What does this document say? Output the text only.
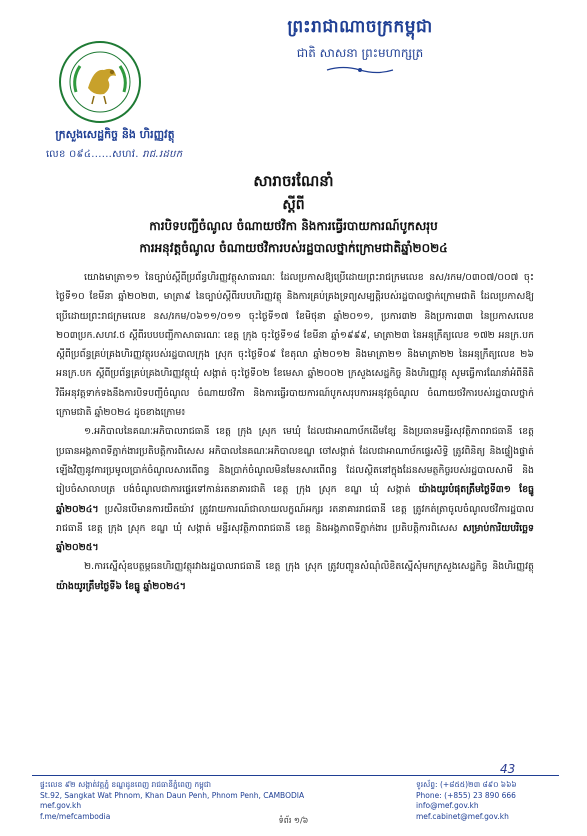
ព្រះរាជាណាចក្រកម្ពុជា
ជាតិ សាសនា ព្រះមហាក្សត្រ
ក្រសួងសេដ្ឋកិច្ច និង ហិរញ្ញវត្ថុ
លេខ ០៩៤......សហវ. រាជ.រដបក
សារាចរណែនាំ
ស្តីពី
ការបិទបញ្ជីចំណូល ចំណាយថវិកា និងការធ្វើរបាយការណ៍បូកសរុប
ការអនុវត្តចំណូល ចំណាយថវិការបស់រដ្ឋបាលថ្នាក់ក្រោមជាតិឆ្នាំ២០២៤

យោងមាត្រា១១ នៃច្បាប់ស្តីពីប្រព័ន្ធហិរញ្ញវត្ថុសាធារណៈ ដែលប្រកាសឱ្យប្រើដោយព្រះរាជក្រមលេខ នស/រកម/០៣០៧/០០៧ ចុះថ្ងៃទី១០ ខែមីនា ឆ្នាំ២០២៣, មាត្រា៩ នៃច្បាប់ស្តីពីរបបហិរញ្ញវត្ថុ និងការគ្រប់គ្រងទ្រព្យសម្បត្តិរបស់រដ្ឋបាលថ្នាក់ក្រោមជាតិ ដែលប្រកាសឱ្យប្រើដោយព្រះរាជក្រមលេខ នស/រកម/០៦១១/០១១ ចុះថ្ងៃទី១៧ ខែមិថុនា ឆ្នាំ២០១១, ប្រការ៣២ និងប្រការ៣៣ នៃប្រកាសលេខ ២០៣ប្រក.សហវ.ថ ស្តីពីរបបបញ្ជីកាសាធារណៈ ខេត្ត ក្រុង ចុះថ្ងៃទី១៨ ខែមីនា ឆ្នាំ១៩៩៩, មាត្រា២៣ នៃអនុក្រឹត្យលេខ ១៧២ អនក្រ.បក ស្តីពីប្រព័ន្ធគ្រប់គ្រងហិរញ្ញវត្ថុរបស់រដ្ឋបាលក្រុង ស្រុក ចុះថ្ងៃទី០៩ ខែតុលា ឆ្នាំ២០១២ និងមាត្រា២១ និងមាត្រា២២ នៃអនុក្រឹត្យលេខ ២៦ អនក្រ.បក ស្តីពីប្រព័ន្ធគ្រប់គ្រងហិរញ្ញវត្ថុឃុំ សង្កាត់ ចុះថ្ងៃទី០២ ខែមេសា ឆ្នាំ២០០២ ក្រសួងសេដ្ឋកិច្ច និងហិរញ្ញវត្ថុ សូមធ្វើការណែនាំអំពីនីតិវិធីអនុវត្តទាក់ទងនឹងការបិទបញ្ជីចំណូល ចំណាយថវិកា និងការធ្វើរបាយការណ៍បូកសរុបការអនុវត្តចំណូល ចំណាយថវិការបស់រដ្ឋបាលថ្នាក់ក្រោមជាតិ ឆ្នាំ២០២៤ ដូចខាងក្រោម៖

១.អភិបាលនៃគណៈអភិបាលរាជធានី ខេត្ត ក្រុង ស្រុក មេឃុំ ដែលជាអាណាប័កដើមខ្សែ និងប្រធានមន្ទីរសុវត្ថិភាពរាជធានី ខេត្ត ប្រធានអង្គភាពទីភ្នាក់ងារប្រតិបត្តិការពិសេស អភិបាលនៃគណៈអភិបាលខណ្ឌ ចៅសង្កាត់ ដែលជាអាណាប័កផ្ទេរសិទ្ធិ ត្រូវពិនិត្យ និងផ្ទៀងផ្ទាត់ឡើងវិញនូវការប្រមូលប្រាក់ចំណូលសារពើពន្ធ និងប្រាក់ចំណូលមិនមែនសារពើពន្ធ ដែលស្ថិតនៅក្នុងដែនសមត្ថកិច្ចរបស់រដ្ឋបាលសាមី និងរៀបចំសាលាបត្រ បង់ចំណូលជាការផ្ទេរទៅកាន់រតនាគារជាតិ ខេត្ត ក្រុង ស្រុក ខណ្ឌ ឃុំ សង្កាត់ យ៉ាងយូរបំផុតត្រឹមថ្ងៃទី៣១ ខែធ្នូ ឆ្នាំ២០២៤។ ប្រសិនបើមានការយឺតយ៉ាវ ត្រូវរាយការណ៍ជាលាយលក្ខណ៍អក្សរ រតនាគាររាជធានី ខេត្ត ត្រូវកត់ត្រាចូលចំណូលថវិការដ្ឋបាលរាជធានី ខេត្ត ក្រុង ស្រុក ខណ្ឌ ឃុំ សង្កាត់ មន្ទីរសុវត្ថិភាពរាជធានី ខេត្ត និងអង្គភាពទីភ្នាក់ងារ ប្រតិបត្តិការពិសេស សម្រាប់ការិយបរិច្ឆេទឆ្នាំ២០២៥។

២.ការស្នើសុំឧបត្ថម្ភធនហិរញ្ញវត្ថុរវាងរដ្ឋបាលរាជធានី ខេត្ត ក្រុង ស្រុក ត្រូវបញ្ជូនសំណុំលិខិតស្នើសុំមកក្រសួងសេដ្ឋកិច្ច និងហិរញ្ញវត្ថុ យ៉ាងយូរត្រឹមថ្ងៃទី៦ ខែធ្នូ ឆ្នាំ២០២៤។

43
ផ្ទះលេខ ៩២ សង្កាត់វត្តភ្នំ ខណ្ឌដូនពេញ រាជធានីភ្នំពេញ កម្ពុជា
St.92, Sangkat Wat Phnom, Khan Daun Penh, Phnom Penh, CAMBODIA
mef.gov.kh
f.me/mefcambodia
ទូរស័ព្ទ: (+៨៥៥)២៣ ៨៩០ ៦៦៦
Phone: (+855) 23 890 666
info@mef.gov.kh
mef.cabinet@mef.gov.kh
ទំព័រ ១/៦
